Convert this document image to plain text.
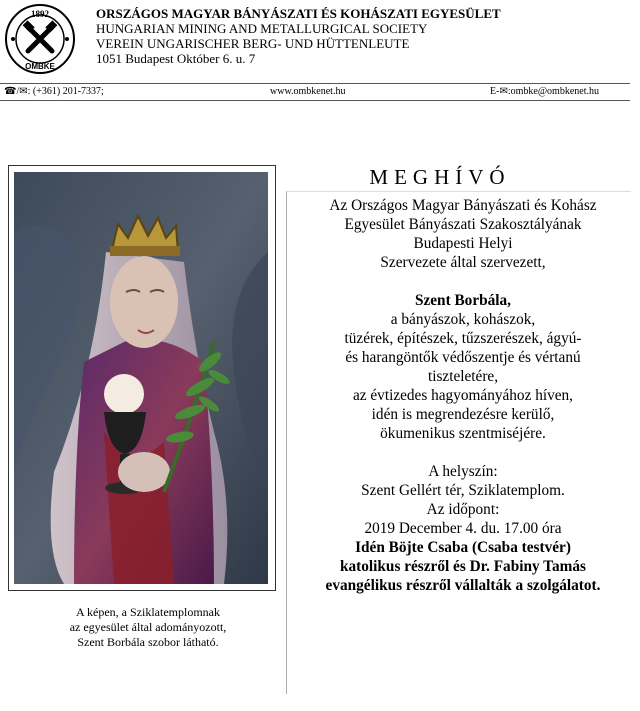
1892
OMBKE
ORSZÁGOS MAGYAR BÁNYÁSZATI ÉS KOHÁSZATI EGYESÜLET
HUNGARIAN MINING AND METALLURGICAL SOCIETY
VEREIN UNGARISCHER BERG- UND HÜTTENLEUTE
1051 Budapest Október 6. u. 7
☎/✉: (+361) 201-7337;	www.ombkenet.hu	E-✉:ombke@ombkenet.hu
A képen, a Sziklatemplomnak
az egyesület által adományozott,
Szent Borbála szobor látható.
MEGHÍVÓ

Az Országos Magyar Bányászati és Kohász

Egyesület Bányászati Szakosztályának

Budapesti Helyi

Szervezete által szervezett,

Szent Borbála,

a bányászok, kohászok,

tüzérek, építészek, tűzszerészek, ágyú-

és harangöntők védőszentje és vértanú

tiszteletére,

az évtizedes hagyományához híven,

idén is megrendezésre kerülő,

ökumenikus szentmiséjére.

A helyszín:

Szent Gellért tér, Sziklatemplom.

Az időpont:

2019 December 4. du. 17.00 óra

Idén Böjte Csaba (Csaba testvér)

katolikus részről és Dr. Fabiny Tamás

evangélikus részről vállalták a szolgálatot.
